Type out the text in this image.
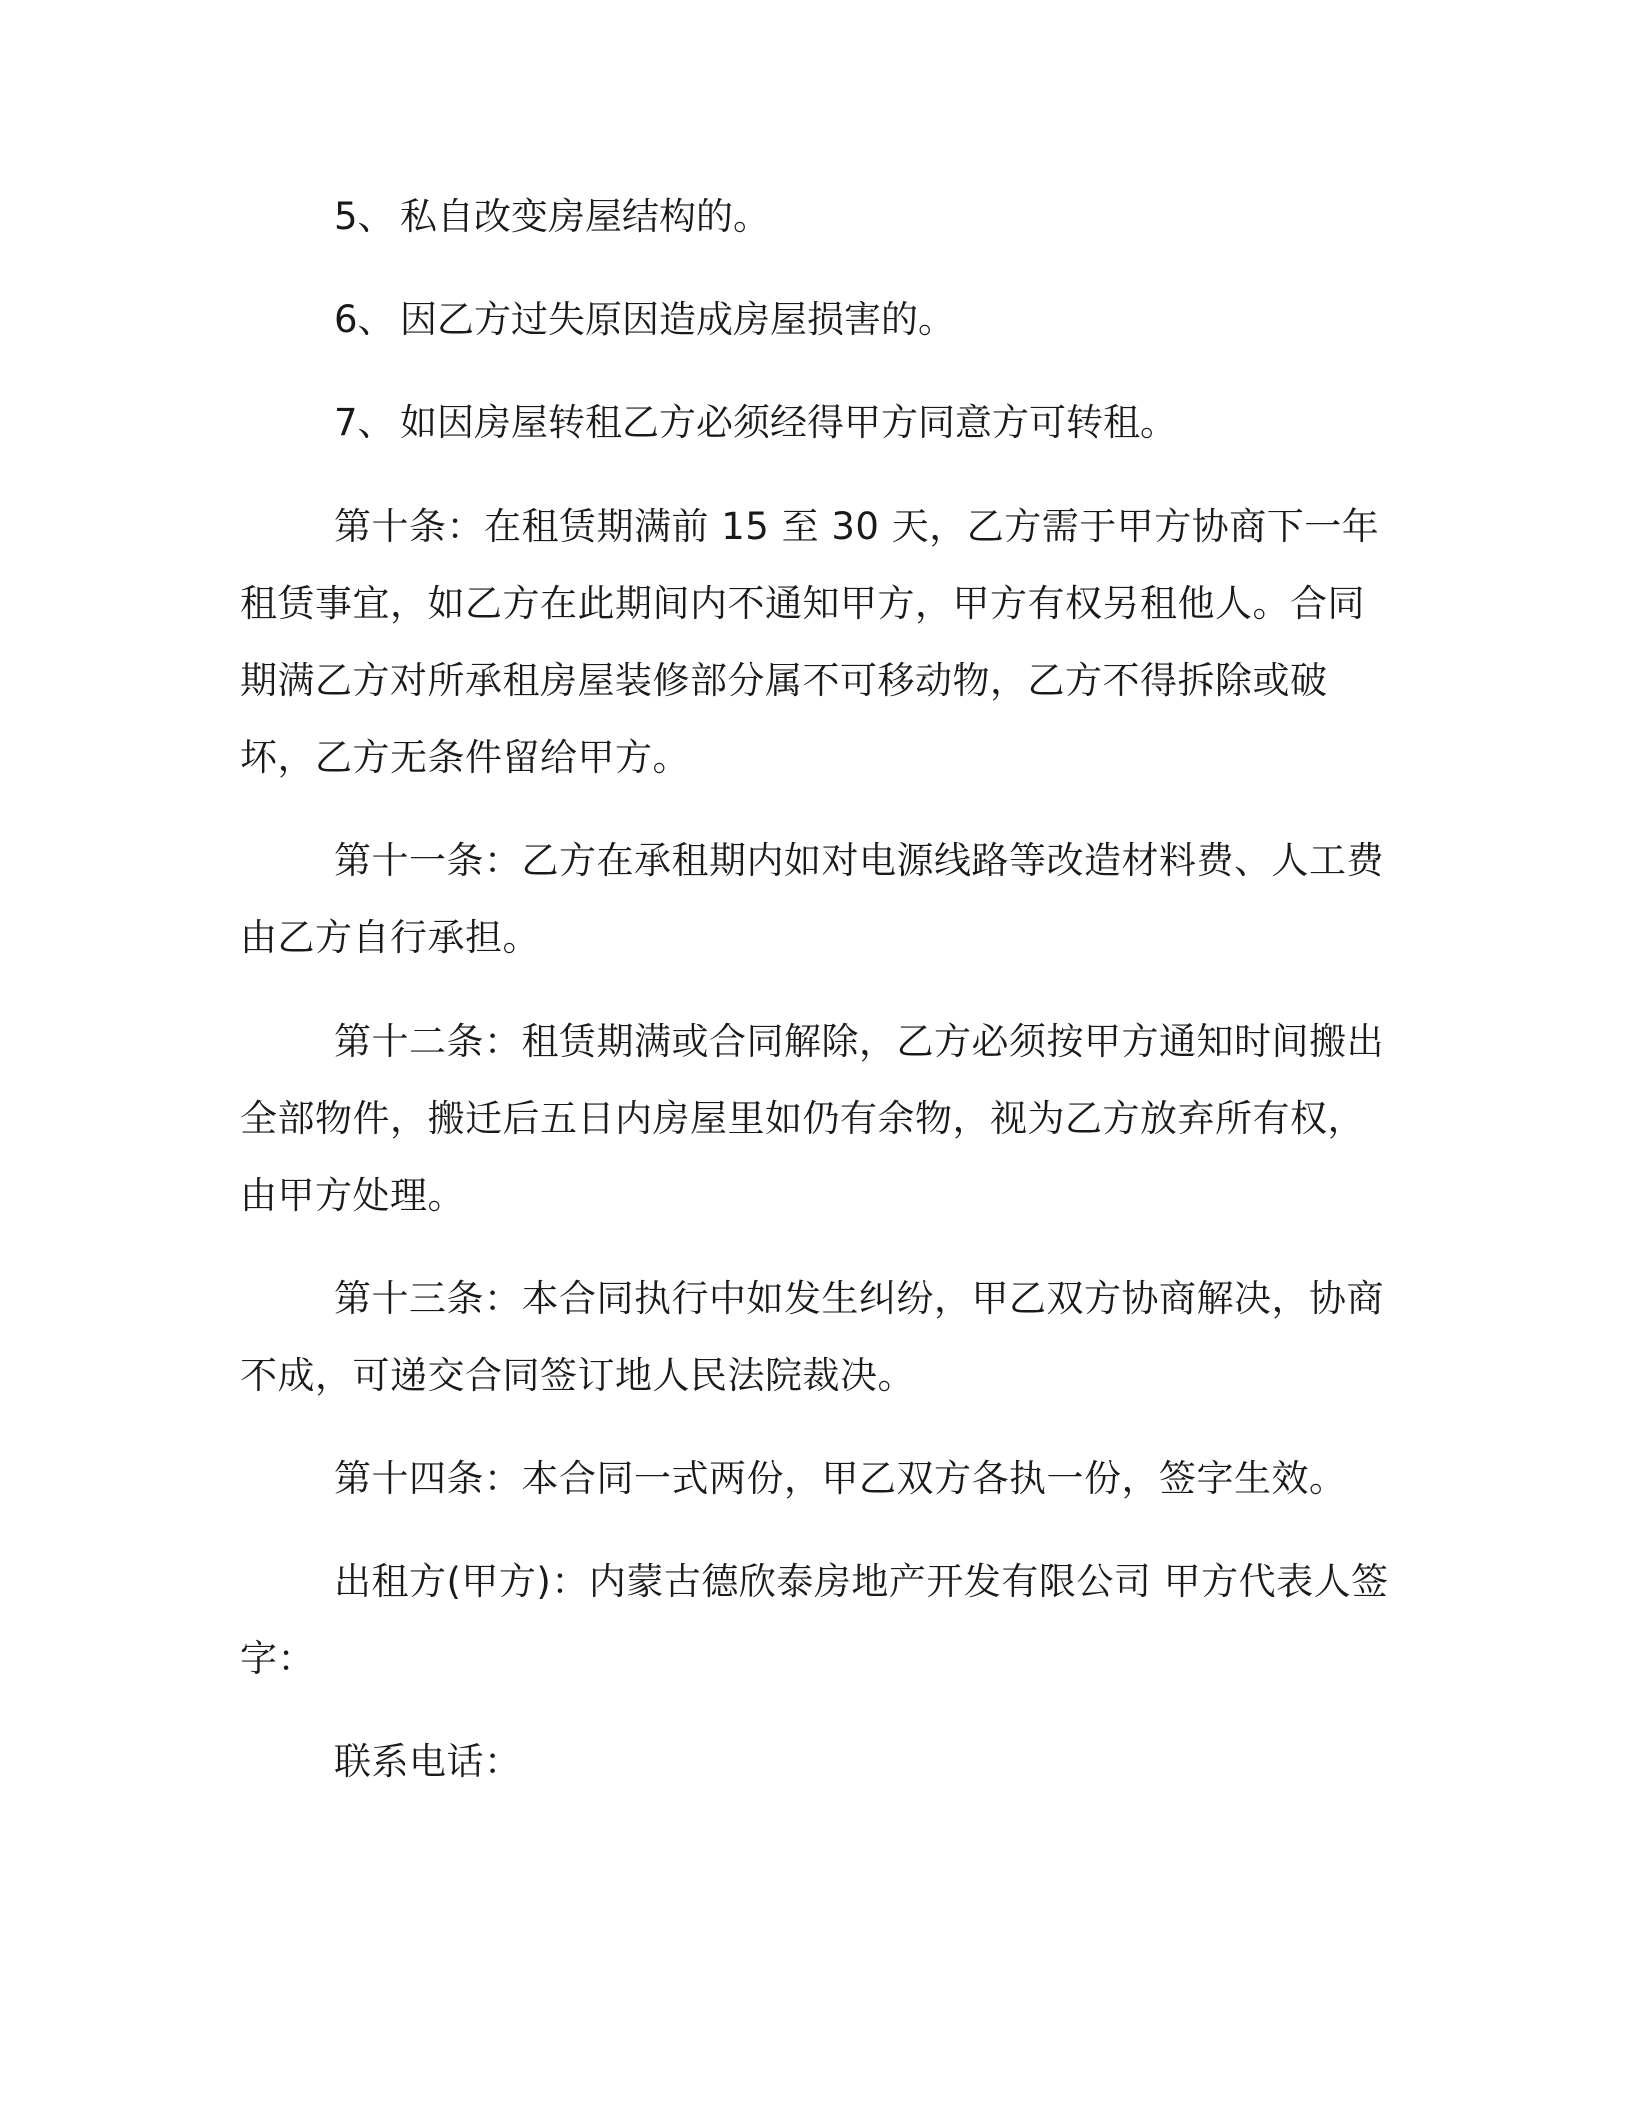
5、 私自改变房屋结构的。

6、 因乙方过失原因造成房屋损害的。

7、 如因房屋转租乙方必须经得甲方同意方可转租。

第十条：在租赁期满前 15 至 30 天，乙方需于甲方协商下一年租赁事宜，如乙方在此期间内不通知甲方，甲方有权另租他人。合同期满乙方对所承租房屋装修部分属不可移动物，乙方不得拆除或破坏，乙方无条件留给甲方。

第十一条：乙方在承租期内如对电源线路等改造材料费、人工费由乙方自行承担。

第十二条：租赁期满或合同解除，乙方必须按甲方通知时间搬出全部物件，搬迁后五日内房屋里如仍有余物，视为乙方放弃所有权，由甲方处理。

第十三条：本合同执行中如发生纠纷，甲乙双方协商解决，协商不成，可递交合同签订地人民法院裁决。

第十四条：本合同一式两份，甲乙双方各执一份，签字生效。

出租方(甲方)：内蒙古德欣泰房地产开发有限公司 甲方代表人签字：

联系电话：
